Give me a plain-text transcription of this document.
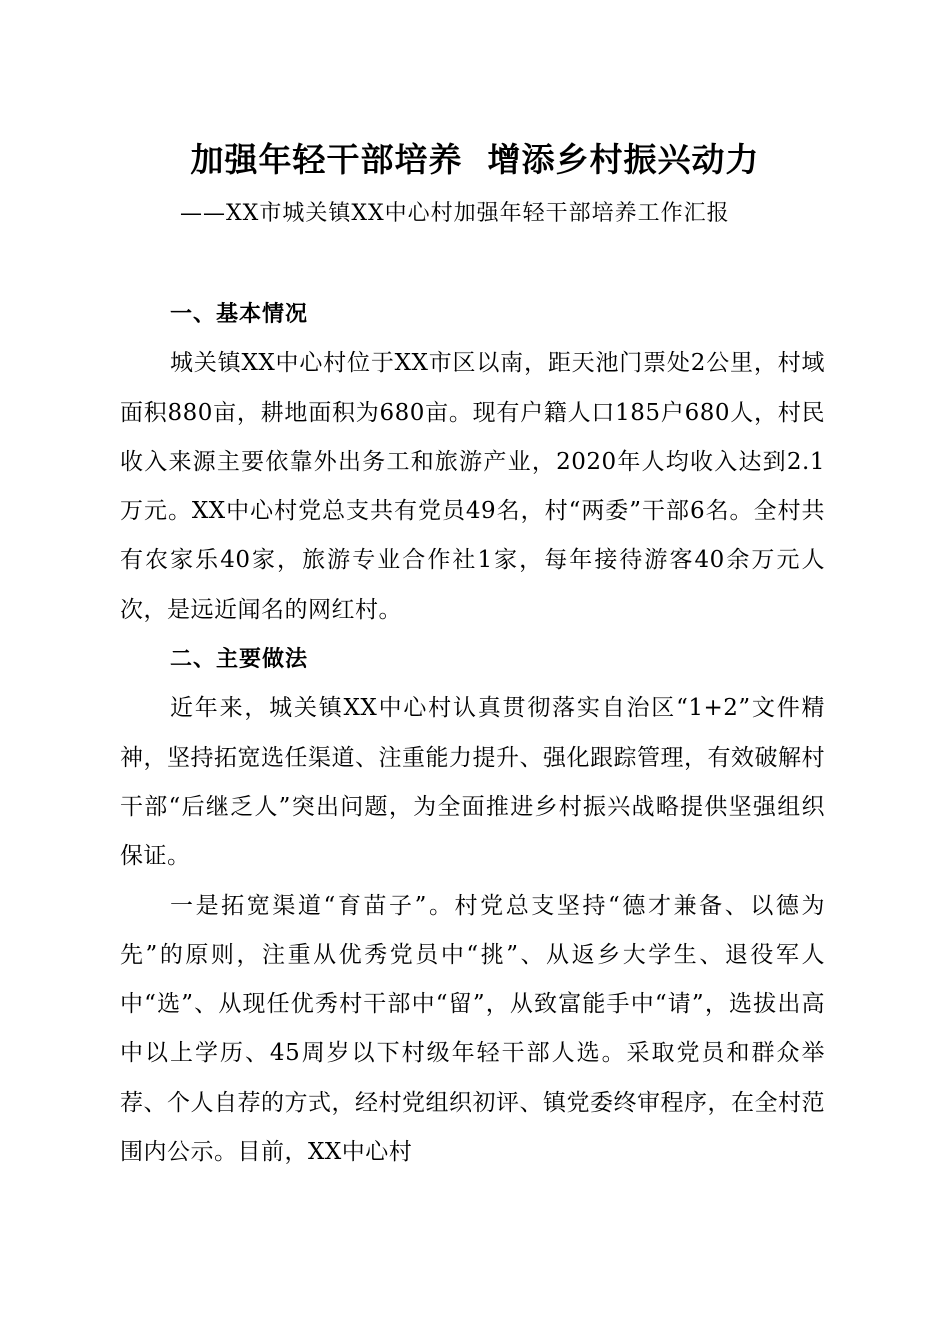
加强年轻干部培养  增添乡村振兴动力
——XX市城关镇XX中心村加强年轻干部培养工作汇报

一、基本情况

城关镇XX中心村位于XX市区以南，距天池门票处2公里，村域面积880亩，耕地面积为680亩。现有户籍人口185户680人，村民收入来源主要依靠外出务工和旅游产业，2020年人均收入达到2.1万元。XX中心村党总支共有党员49名，村“两委”干部6名。全村共有农家乐40家，旅游专业合作社1家，每年接待游客40余万元人次，是远近闻名的网红村。

二、主要做法

近年来，城关镇XX中心村认真贯彻落实自治区“1+2”文件精神，坚持拓宽选任渠道、注重能力提升、强化跟踪管理，有效破解村干部“后继乏人”突出问题，为全面推进乡村振兴战略提供坚强组织保证。

一是拓宽渠道“育苗子”。村党总支坚持“德才兼备、以德为先”的原则，注重从优秀党员中“挑”、从返乡大学生、退役军人中“选”、从现任优秀村干部中“留”，从致富能手中“请”，选拔出高中以上学历、45周岁以下村级年轻干部人选。采取党员和群众举荐、个人自荐的方式，经村党组织初评、镇党委终审程序，在全村范围内公示。目前，XX中心村
